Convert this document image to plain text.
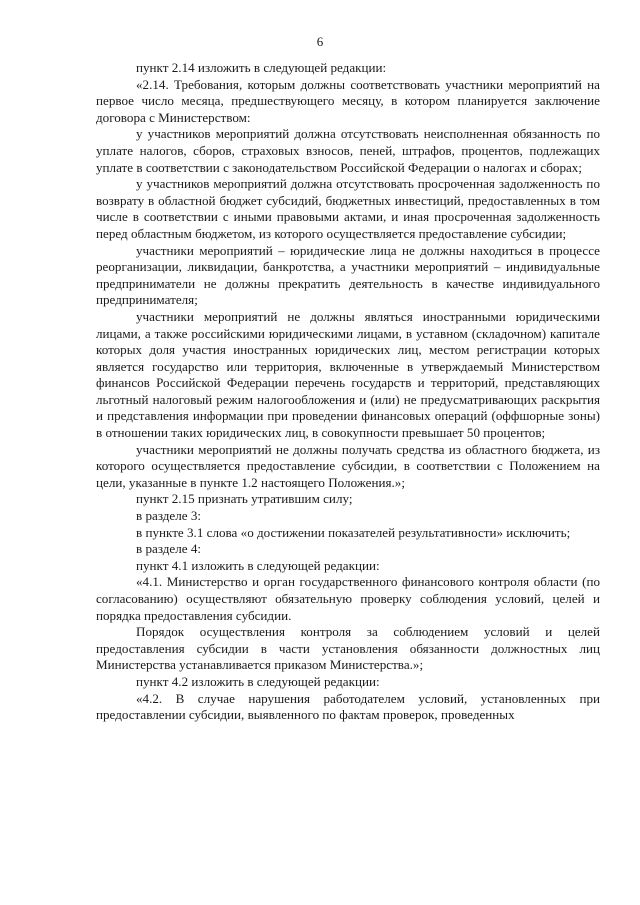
6

пункт 2.14 изложить в следующей редакции:

«2.14. Требования, которым должны соответствовать участники мероприятий на первое число месяца, предшествующего месяцу, в котором планируется заключение договора с Министерством:

у участников мероприятий должна отсутствовать неисполненная обязанность по уплате налогов, сборов, страховых взносов, пеней, штрафов, процентов, подлежащих уплате в соответствии с законодательством Российской Федерации о налогах и сборах;

у участников мероприятий должна отсутствовать просроченная задолженность по возврату в областной бюджет субсидий, бюджетных инвестиций, предоставленных в том числе в соответствии с иными правовыми актами, и иная просроченная задолженность перед областным бюджетом, из которого осуществляется предоставление субсидии;

участники мероприятий – юридические лица не должны находиться в процессе реорганизации, ликвидации, банкротства, а участники мероприятий – индивидуальные предприниматели не должны прекратить деятельность в качестве индивидуального предпринимателя;

участники мероприятий не должны являться иностранными юридическими лицами, а также российскими юридическими лицами, в уставном (складочном) капитале которых доля участия иностранных юридических лиц, местом регистрации которых является государство или территория, включенные в утверждаемый Министерством финансов Российской Федерации перечень государств и территорий, представляющих льготный налоговый режим налогообложения и (или) не предусматривающих раскрытия и представления информации при проведении финансовых операций (оффшорные зоны) в отношении таких юридических лиц, в совокупности превышает 50 процентов;

участники мероприятий не должны получать средства из областного бюджета, из которого осуществляется предоставление субсидии, в соответствии с Положением на цели, указанные в пункте 1.2 настоящего Положения.»;

пункт 2.15 признать утратившим силу;

в разделе 3:

в пункте 3.1 слова «о достижении показателей результативности» исключить;

в разделе 4:

пункт 4.1 изложить в следующей редакции:

«4.1. Министерство и орган государственного финансового контроля области (по согласованию) осуществляют обязательную проверку соблюдения условий, целей и порядка предоставления субсидии.

Порядок осуществления контроля за соблюдением условий и целей предоставления субсидии в части установления обязанности должностных лиц Министерства устанавливается приказом Министерства.»;

пункт 4.2 изложить в следующей редакции:

«4.2. В случае нарушения работодателем условий, установленных при предоставлении субсидии, выявленного по фактам проверок, проведенных
